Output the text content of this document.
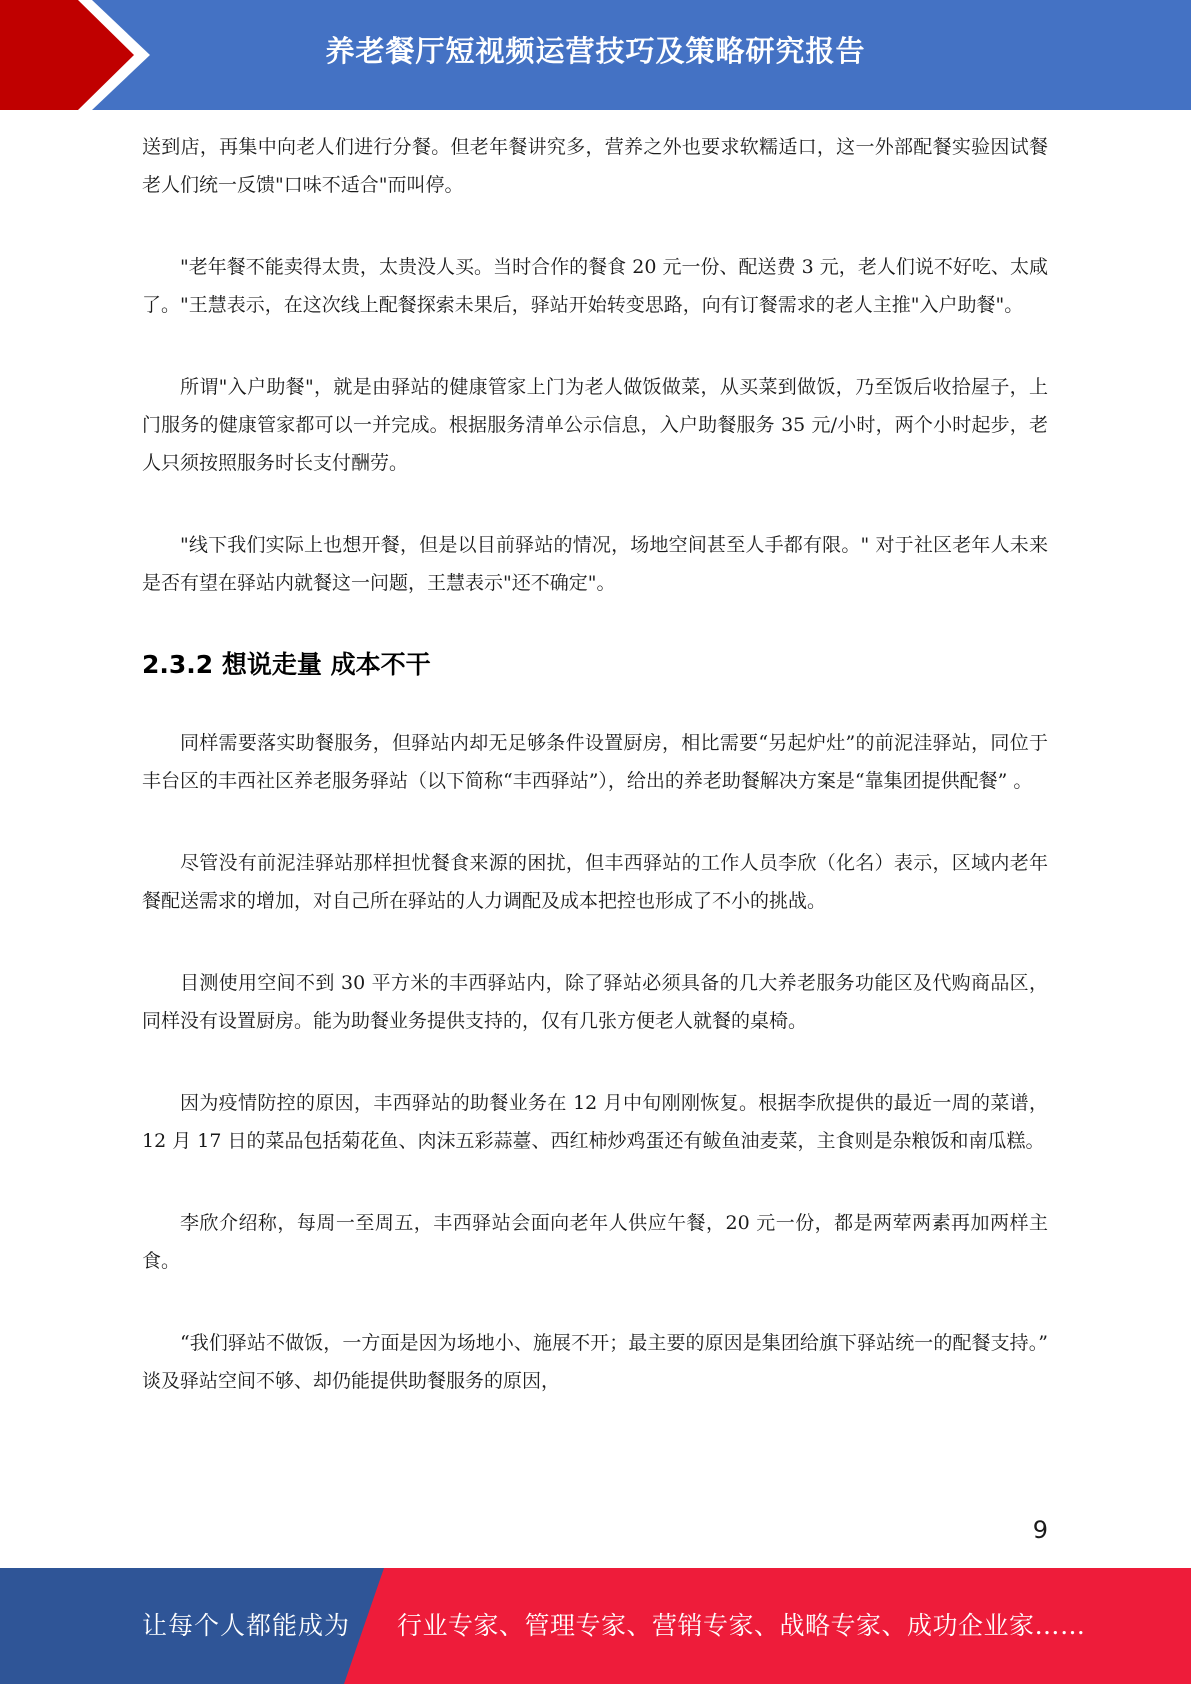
养老餐厅短视频运营技巧及策略研究报告

送到店，再集中向老人们进行分餐。但老年餐讲究多，营养之外也要求软糯适口，这一外部配餐实验因试餐老人们统一反馈"口味不适合"而叫停。

"老年餐不能卖得太贵，太贵没人买。当时合作的餐食 20 元一份、配送费 3 元，老人们说不好吃、太咸了。"王慧表示，在这次线上配餐探索未果后，驿站开始转变思路，向有订餐需求的老人主推"入户助餐"。

所谓"入户助餐"，就是由驿站的健康管家上门为老人做饭做菜，从买菜到做饭，乃至饭后收拾屋子，上门服务的健康管家都可以一并完成。根据服务清单公示信息，入户助餐服务 35 元/小时，两个小时起步，老人只须按照服务时长支付酬劳。

"线下我们实际上也想开餐，但是以目前驿站的情况，场地空间甚至人手都有限。" 对于社区老年人未来是否有望在驿站内就餐这一问题，王慧表示"还不确定"。

2.3.2 想说走量 成本不干

同样需要落实助餐服务，但驿站内却无足够条件设置厨房，相比需要“另起炉灶”的前泥洼驿站，同位于丰台区的丰西社区养老服务驿站（以下简称“丰西驿站”），给出的养老助餐解决方案是“靠集团提供配餐” 。

尽管没有前泥洼驿站那样担忧餐食来源的困扰，但丰西驿站的工作人员李欣（化名）表示，区域内老年餐配送需求的增加，对自己所在驿站的人力调配及成本把控也形成了不小的挑战。

目测使用空间不到 30 平方米的丰西驿站内，除了驿站必须具备的几大养老服务功能区及代购商品区，同样没有设置厨房。能为助餐业务提供支持的，仅有几张方便老人就餐的桌椅。

因为疫情防控的原因，丰西驿站的助餐业务在 12 月中旬刚刚恢复。根据李欣提供的最近一周的菜谱，12 月 17 日的菜品包括菊花鱼、肉沫五彩蒜薹、西红柿炒鸡蛋还有鲅鱼油麦菜，主食则是杂粮饭和南瓜糕。

李欣介绍称，每周一至周五，丰西驿站会面向老年人供应午餐，20 元一份，都是两荤两素再加两样主食。

“我们驿站不做饭，一方面是因为场地小、施展不开；最主要的原因是集团给旗下驿站统一的配餐支持。” 谈及驿站空间不够、却仍能提供助餐服务的原因，

9
让每个人都能成为 行业专家、管理专家、营销专家、战略专家、成功企业家……
